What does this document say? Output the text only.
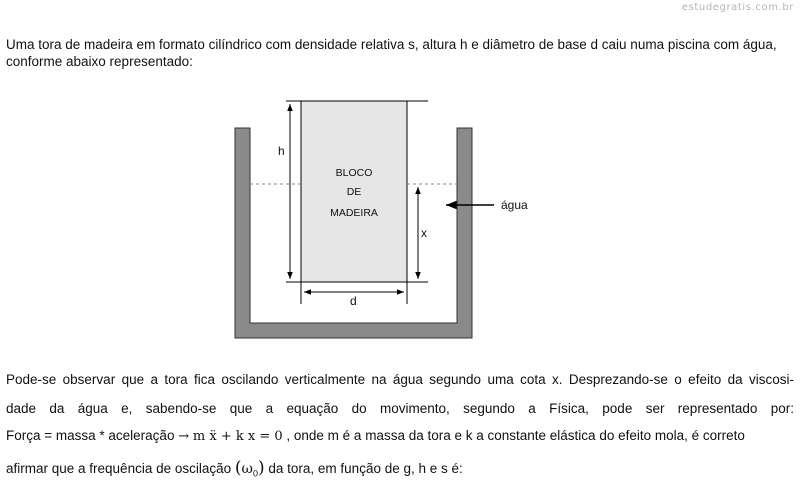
estudegratis.com.br
Uma tora de madeira em formato cilíndrico com densidade relativa s, altura h e diâmetro de base d caiu numa piscina com água,
conforme abaixo representado:
h
x
d
BLOCO
DE
MADEIRA
água
Pode-se observar que a tora fica oscilando verticalmente na água segundo uma cota x. Desprezando-se o efeito da viscosi-
dade da água e, sabendo-se que a equação do movimento, segundo a Física, pode ser representado por:
Força = massa * aceleração → m ẍ + k x = 0 , onde m é a massa da tora e k a constante elástica do efeito mola, é correto
afirmar que a frequência de oscilação $(\omega_0)$ da tora, em função de g, h e s é:
